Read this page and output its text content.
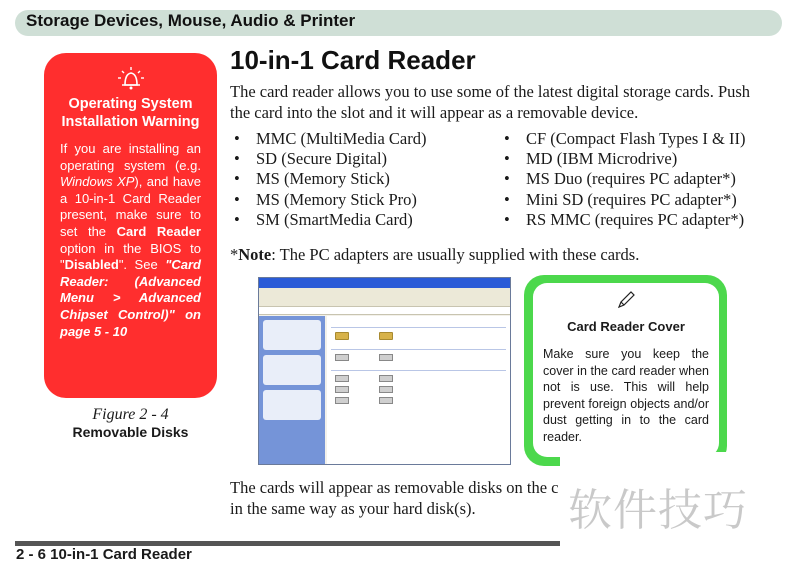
Storage Devices, Mouse, Audio & Printer
Operating System Installation Warning
If you are installing an operating system (e.g. Windows XP), and have a 10-in-1 Card Reader present, make sure to set the Card Reader option in the BIOS to "Disabled". See "Card Reader: (Advanced Menu > Advanced Chipset Control)" on page 5 - 10
Figure 2 - 4
Removable Disks
10-in-1 Card Reader
The card reader allows you to use some of the latest digital storage cards. Push the card into the slot and it will appear as a removable device.
• MMC (MultiMedia Card)
• SD (Secure Digital)
• MS (Memory Stick)
• MS (Memory Stick Pro)
• SM (SmartMedia Card)
• CF (Compact Flash Types I & II)
• MD (IBM Microdrive)
• MS Duo (requires PC adapter*)
• Mini SD (requires PC adapter*)
• RS MMC (requires PC adapter*)
*Note: The PC adapters are usually supplied with these cards.

Card Reader Cover
Make sure you keep the cover in the card reader when not is use. This will help prevent foreign objects and/or dust getting in to the card reader.
The cards will appear as removable disks on the c in the same way as your hard disk(s).
2 - 6 10-in-1 Card Reader
软件技巧
